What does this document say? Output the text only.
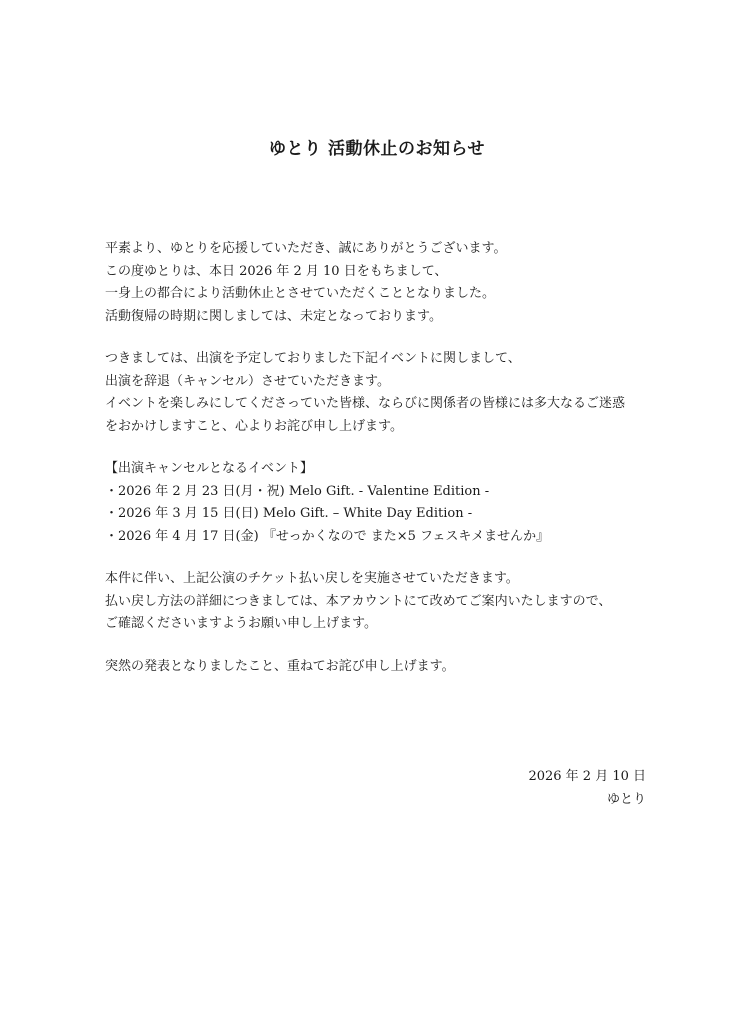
ゆとり 活動休止のお知らせ

平素より、ゆとりを応援していただき、誠にありがとうございます。
この度ゆとりは、本日 2026 年 2 月 10 日をもちまして、
一身上の都合により活動休止とさせていただくこととなりました。
活動復帰の時期に関しましては、未定となっております。

つきましては、出演を予定しておりました下記イベントに関しまして、
出演を辞退（キャンセル）させていただきます。
イベントを楽しみにしてくださっていた皆様、ならびに関係者の皆様には多大なるご迷惑
をおかけしますこと、心よりお詫び申し上げます。

【出演キャンセルとなるイベント】
・2026 年 2 月 23 日(月・祝) Melo Gift. - Valentine Edition -
・2026 年 3 月 15 日(日) Melo Gift. – White Day Edition -
・2026 年 4 月 17 日(金) 『せっかくなので また×5 フェスキメませんか』

本件に伴い、上記公演のチケット払い戻しを実施させていただきます。
払い戻し方法の詳細につきましては、本アカウントにて改めてご案内いたしますので、
ご確認くださいますようお願い申し上げます。

突然の発表となりましたこと、重ねてお詫び申し上げます。

2026 年 2 月 10 日
ゆとり
